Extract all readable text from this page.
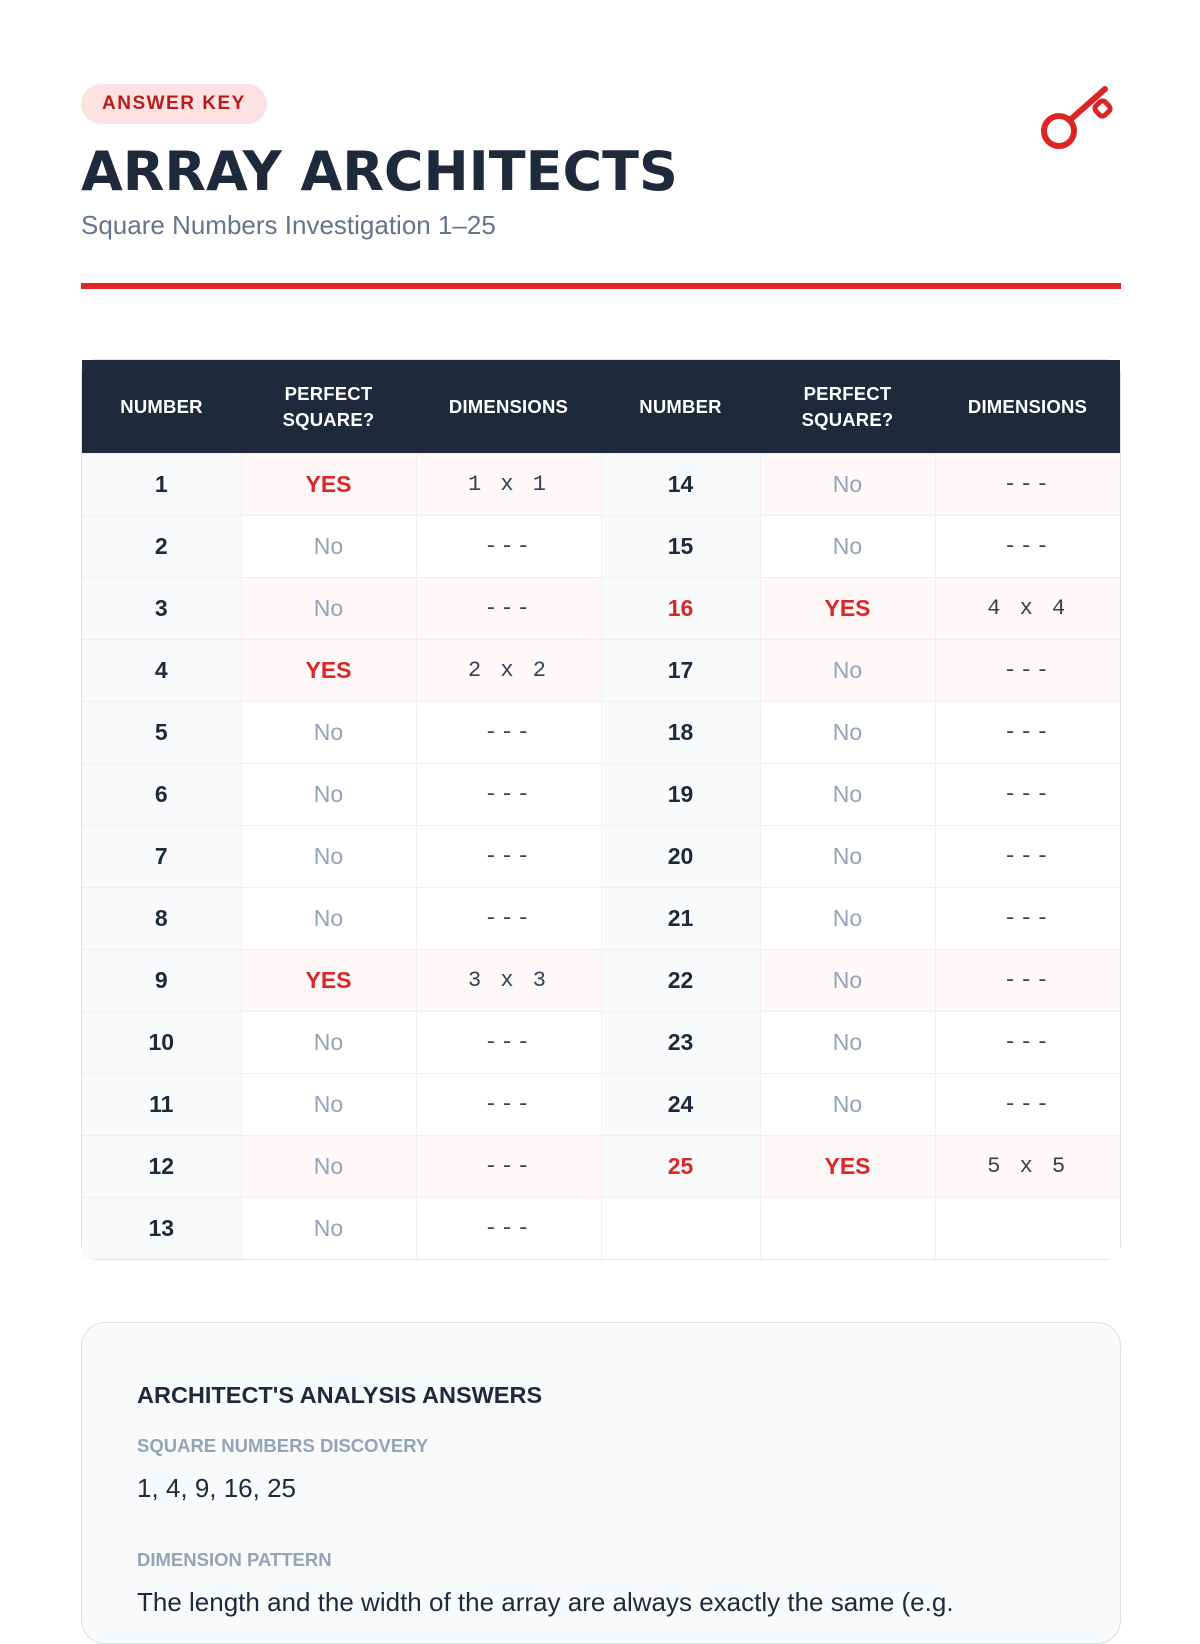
ANSWER KEY
ARRAY ARCHITECTS
Square Numbers Investigation 1–25
NUMBER	PERFECT SQUARE?	DIMENSIONS	NUMBER	PERFECT SQUARE?	DIMENSIONS
1	YES	1 x 1	14	No	---
2	No	---	15	No	---
3	No	---	16	YES	4 x 4
4	YES	2 x 2	17	No	---
5	No	---	18	No	---
6	No	---	19	No	---
7	No	---	20	No	---
8	No	---	21	No	---
9	YES	3 x 3	22	No	---
10	No	---	23	No	---
11	No	---	24	No	---
12	No	---	25	YES	5 x 5
13	No	---			
ARCHITECT'S ANALYSIS ANSWERS
SQUARE NUMBERS DISCOVERY
1, 4, 9, 16, 25
DIMENSION PATTERN
The length and the width of the array are always exactly the same (e.g.
